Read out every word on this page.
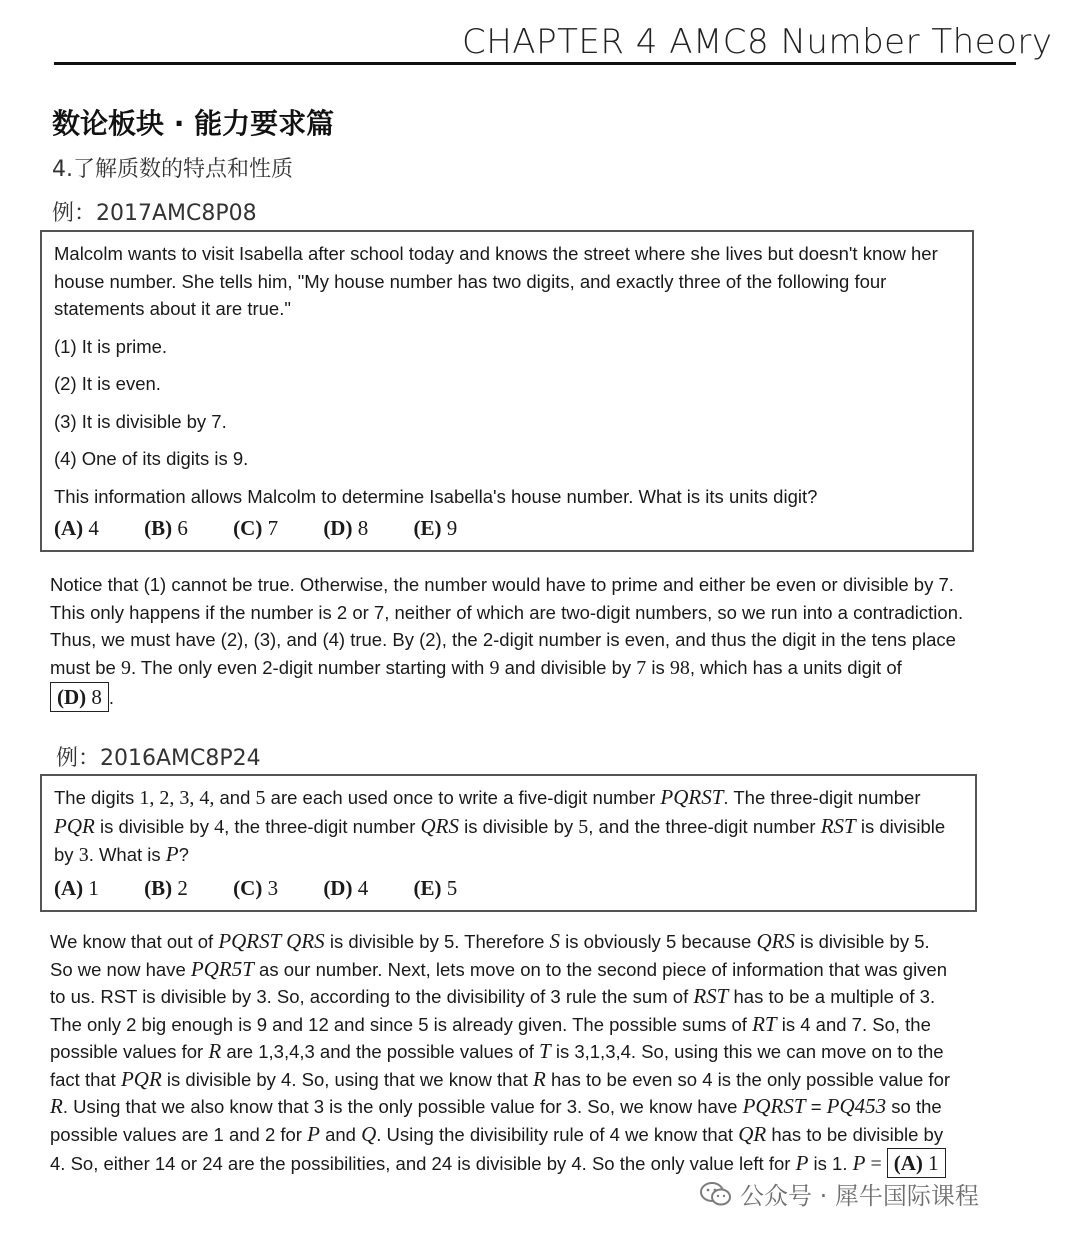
CHAPTER 4 AMC8 Number Theory
数论板块 · 能力要求篇
4.了解质数的特点和性质
例：2017AMC8P08

Malcolm wants to visit Isabella after school today and knows the street where she lives but doesn't know her house number. She tells him, "My house number has two digits, and exactly three of the following four statements about it are true."

(1) It is prime.

(2) It is even.

(3) It is divisible by 7.

(4) One of its digits is 9.

This information allows Malcolm to determine Isabella's house number. What is its units digit?

(A) 4 (B) 6 (C) 7 (D) 8 (E) 9
Notice that (1) cannot be true. Otherwise, the number would have to prime and either be even or divisible by 7. This only happens if the number is 2 or 7, neither of which are two-digit numbers, so we run into a contradiction. Thus, we must have (2), (3), and (4) true. By (2), the 2-digit number is even, and thus the digit in the tens place must be 9. The only even 2-digit number starting with 9 and divisible by 7 is 98, which has a units digit of (D) 8 .
例：2016AMC8P24

The digits 1, 2, 3, 4, and 5 are each used once to write a five-digit number PQRST. The three-digit number PQR is divisible by 4, the three-digit number QRS is divisible by 5, and the three-digit number RST is divisible by 3. What is P?

(A) 1 (B) 2 (C) 3 (D) 4 (E) 5
We know that out of PQRST QRS is divisible by 5. Therefore S is obviously 5 because QRS is divisible by 5. So we now have PQR5T as our number. Next, lets move on to the second piece of information that was given to us. RST is divisible by 3. So, according to the divisibility of 3 rule the sum of RST has to be a multiple of 3. The only 2 big enough is 9 and 12 and since 5 is already given. The possible sums of RT is 4 and 7. So, the possible values for R are 1,3,4,3 and the possible values of T is 3,1,3,4. So, using this we can move on to the fact that PQR is divisible by 4. So, using that we know that R has to be even so 4 is the only possible value for R. Using that we also know that 3 is the only possible value for 3. So, we know have PQRST = PQ453 so the possible values are 1 and 2 for P and Q. Using the divisibility rule of 4 we know that QR has to be divisible by 4. So, either 14 or 24 are the possibilities, and 24 is divisible by 4. So the only value left for P is 1. P = (A) 1
公众号 · 犀牛国际课程
